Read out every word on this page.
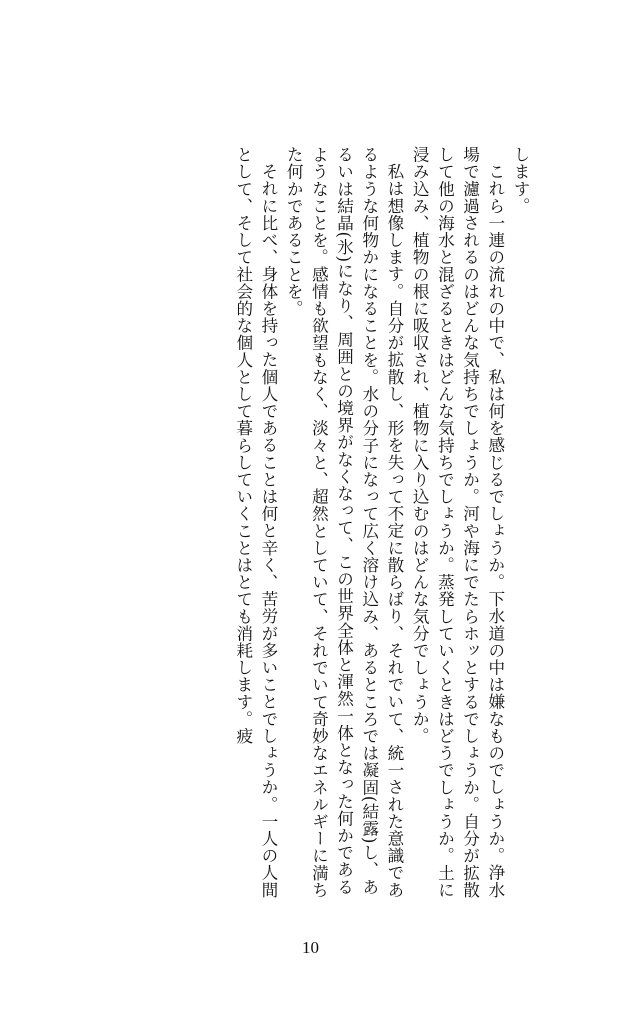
します。

これら一連の流れの中で、私は何を感じるでしょうか。下水道の中は嫌なものでしょうか。浄水場で濾過されるのはどんな気持ちでしょうか。河や海にでたらホッとするでしょうか。自分が拡散して他の海水と混ざるときはどんな気持ちでしょうか。蒸発していくときはどうでしょうか。土に浸み込み、植物の根に吸収され、植物に入り込むのはどんな気分でしょうか。

私は想像します。自分が拡散し、形を失って不定に散らばり、それでいて、統一された意識であるような何物かになることを。水の分子になって広く溶け込み、あるところでは凝固(結露)し、あるいは結晶(氷)になり、周囲との境界がなくなって、この世界全体と渾然一体となった何かであるようなことを。感情も欲望もなく、淡々と、超然としていて、それでいて奇妙なエネルギーに満ちた何かであることを。

それに比べ、身体を持った個人であることは何と辛く、苦労が多いことでしょうか。一人の人間として、そして社会的な個人として暮らしていくことはとても消耗します。疲

10
